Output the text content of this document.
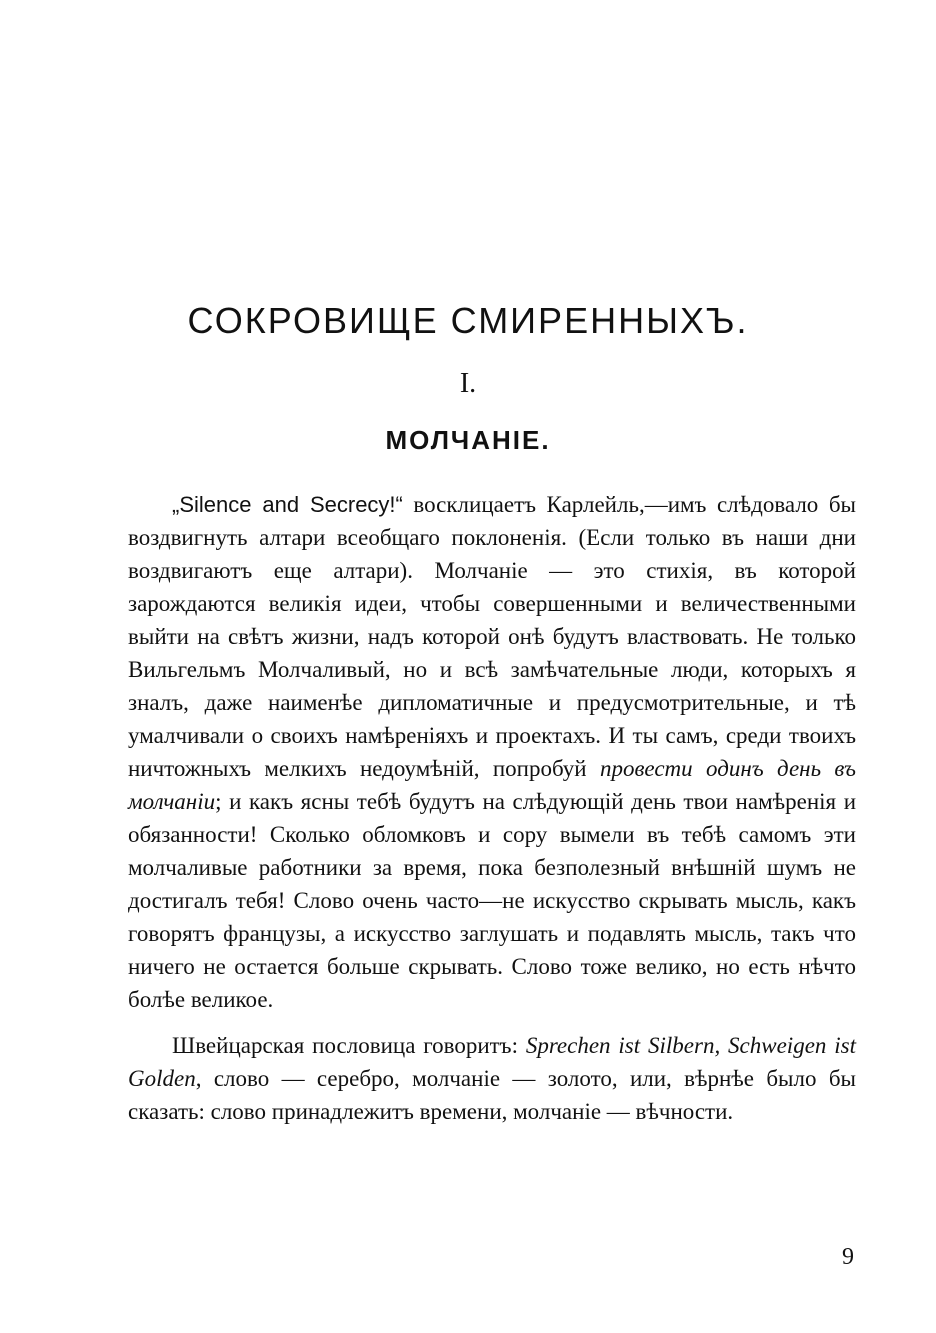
СОКРОВИЩЕ СМИРЕННЫХЪ.
I.
МОЛЧАНIЕ.

„Silence and Secrecy!“ восклицаетъ Карлейль,—имъ слѣдовало бы воздвигнуть алтари всеобщаго поклоненiя. (Если только въ наши дни воздвигаютъ еще алтари). Молчанiе — это стихiя, въ которой зарождаются великiя идеи, чтобы совершенными и величественными выйти на свѣтъ жизни, надъ которой онѣ будутъ властвовать. Не только Вильгельмъ Молчаливый, но и всѣ замѣчательные люди, которыхъ я зналъ, даже наименѣе дипломатичные и предусмотрительные, и тѣ умалчивали о своихъ намѣренiяхъ и проектахъ. И ты самъ, среди твоихъ ничтожныхъ мелкихъ недоумѣнiй, попробуй провести одинъ день въ молчанiи; и какъ ясны тебѣ будутъ на слѣдующiй день твои намѣренiя и обязанности! Сколько обломковъ и сору вымели въ тебѣ самомъ эти молчаливые работники за время, пока безполезный внѣшнiй шумъ не достигалъ тебя! Слово очень часто—не искусство скрывать мысль, какъ говорятъ французы, а искусство заглушать и подавлять мысль, такъ что ничего не остается больше скрывать. Слово тоже велико, но есть нѣчто болѣе великое.

Швейцарская пословица говоритъ: Sprechen ist Silbern, Schweigen ist Golden, слово — серебро, молчанiе — золото, или, вѣрнѣе было бы сказать: слово принадлежитъ времени, молчанiе — вѣчности.

9
